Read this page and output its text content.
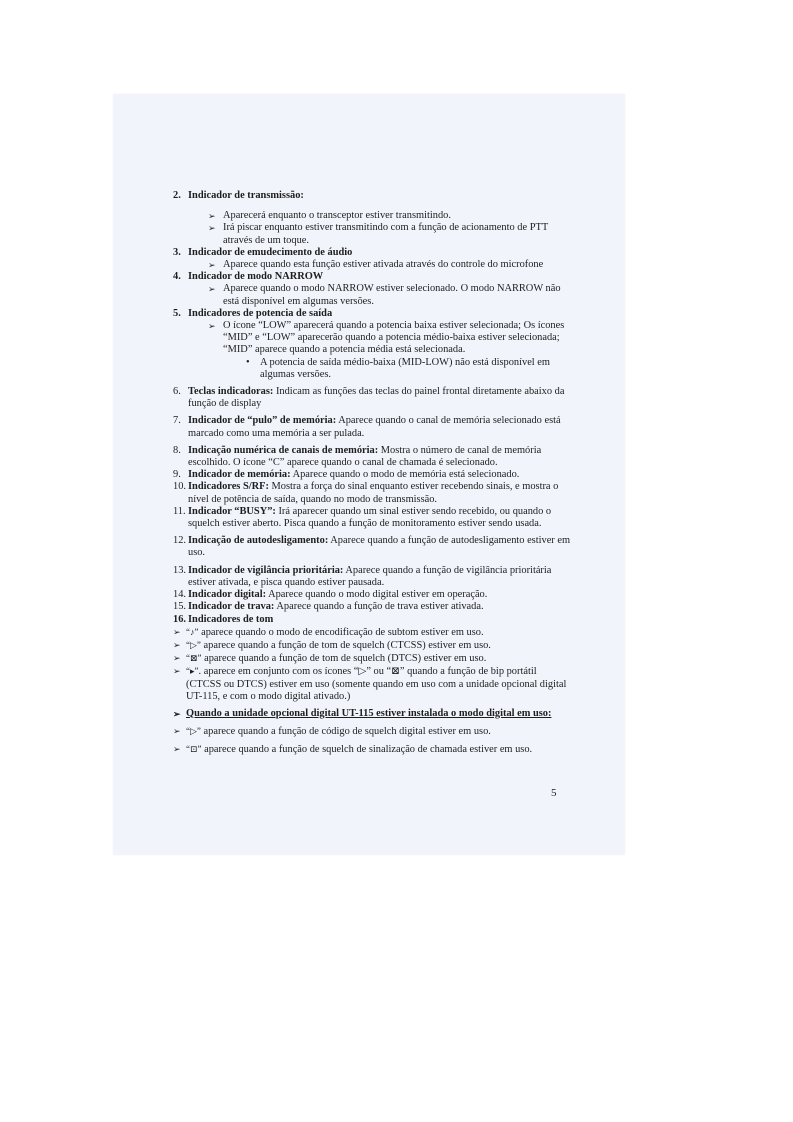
2. Indicador de transmissão:
➢ Aparecerá enquanto o transceptor estiver transmitindo.
➢ Irá piscar enquanto estiver transmitindo com a função de acionamento de PTT através de um toque.
3. Indicador de emudecimento de áudio
➢ Aparece quando esta função estiver ativada através do controle do microfone
4. Indicador de modo NARROW
➢ Aparece quando o modo NARROW estiver selecionado. O modo NARROW não está disponível em algumas versões.
5. Indicadores de potencia de saída
➢ O ícone “LOW” aparecerá quando a potencia baixa estiver selecionada; Os ícones “MID” e “LOW” aparecerão quando a potencia médio-baixa estiver selecionada; “MID” aparece quando a potencia média está selecionada.
• A potencia de saída médio-baixa (MID-LOW) não está disponível em algumas versões.
6. Teclas indicadoras: Indicam as funções das teclas do painel frontal diretamente abaixo da função de display
7. Indicador de “pulo” de memória: Aparece quando o canal de memória selecionado está marcado como uma memória a ser pulada.
8. Indicação numérica de canais de memória: Mostra o número de canal de memória escolhido. O ícone “C” aparece quando o canal de chamada é selecionado.
9. Indicador de memória: Aparece quando o modo de memória está selecionado.
10. Indicadores S/RF: Mostra a força do sinal enquanto estiver recebendo sinais, e mostra o nível de potência de saída, quando no modo de transmissão.
11. Indicador “BUSY”: Irá aparecer quando um sinal estiver sendo recebido, ou quando o squelch estiver aberto. Pisca quando a função de monitoramento estiver sendo usada.
12. Indicação de autodesligamento: Aparece quando a função de autodesligamento estiver em uso.
13. Indicador de vigilância prioritária: Aparece quando a função de vigilância prioritária estiver ativada, e pisca quando estiver pausada.
14. Indicador digital: Aparece quando o modo digital estiver em operação.
15. Indicador de trava: Aparece quando a função de trava estiver ativada.
16. Indicadores de tom
➢ “♪” aparece quando o modo de encodificação de subtom estiver em uso.
➢ “▷” aparece quando a função de tom de squelch (CTCSS) estiver em uso.
➢ “⊠” aparece quando a função de tom de squelch (DTCS) estiver em uso.
➢ “▸”. aparece em conjunto com os ícones “▷” ou “⊠” quando a função de bip portátil (CTCSS ou DTCS) estiver em uso (somente quando em uso com a unidade opcional digital UT-115, e com o modo digital ativado.)
➢ Quando a unidade opcional digital UT-115 estiver instalada o modo digital em uso:
➢ “▷” aparece quando a função de código de squelch digital estiver em uso.
➢ “⊡” aparece quando a função de squelch de sinalização de chamada estiver em uso.
5
